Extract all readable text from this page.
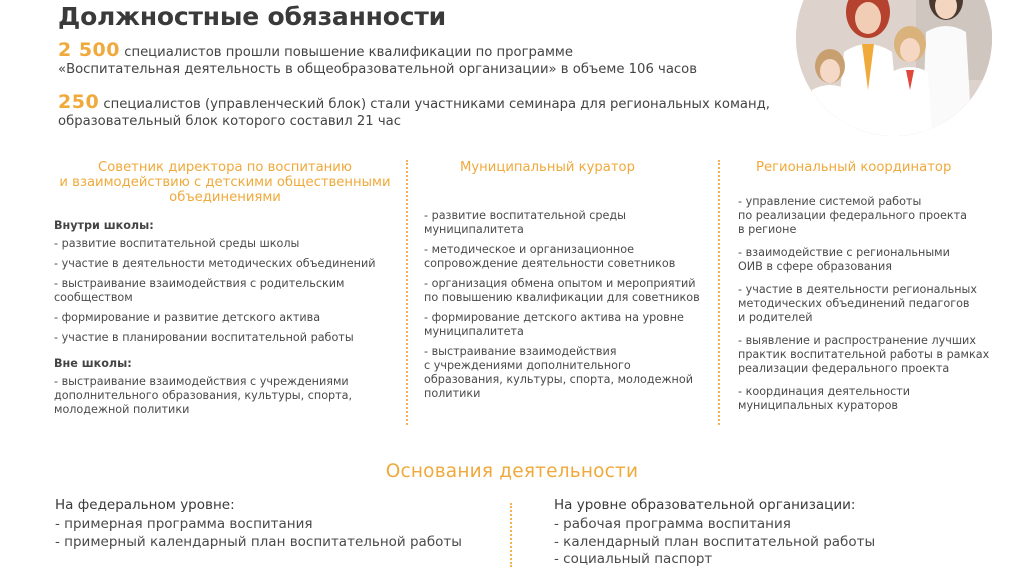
Должностные обязанности
2 500 специалистов прошли повышение квалификации по программе
«Воспитательная деятельность в общеобразовательной организации» в объеме 106 часов
250 специалистов (управленческий блок) стали участниками семинара для региональных команд,
образовательный блок которого составил 21 час
Советник директора по воспитанию
и взаимодействию с детскими общественными
объединениями
Внутри школы:
- развитие воспитательной среды школы
- участие в деятельности методических объединений
- выстраивание взаимодействия с родительским
сообществом
- формирование и развитие детского актива
- участие в планировании воспитательной работы
Вне школы:
- выстраивание взаимодействия с учреждениями
дополнительного образования, культуры, спорта,
молодежной политики
Муниципальный куратор
- развитие воспитательной среды
муниципалитета
- методическое и организационное
сопровождение деятельности советников
- организация обмена опытом и мероприятий
по повышению квалификации для советников
- формирование детского актива на уровне
муниципалитета
- выстраивание взаимодействия
с учреждениями дополнительного
образования, культуры, спорта, молодежной
политики
Региональный координатор
- управление системой работы
по реализации федерального проекта
в регионе
- взаимодействие с региональными
ОИВ в сфере образования
- участие в деятельности региональных
методических объединений педагогов
и родителей
- выявление и распространение лучших
практик воспитательной работы в рамках
реализации федерального проекта
- координация деятельности
муниципальных кураторов
Основания деятельности
На федеральном уровне:
- примерная программа воспитания
- примерный календарный план воспитательной работы
На уровне образовательной организации:
- рабочая программа воспитания
- календарный план воспитательной работы
- социальный паспорт
